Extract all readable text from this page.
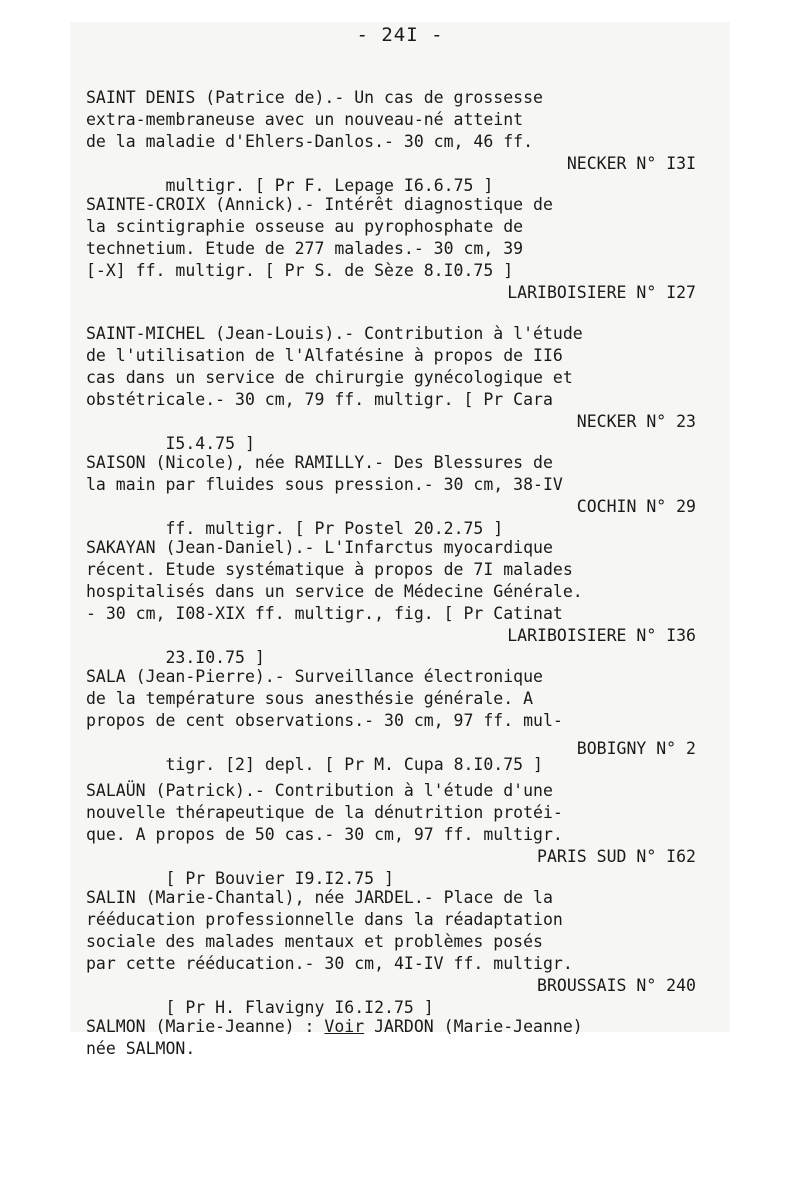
- 24I -
SAINT DENIS (Patrice de).- Un cas de grossesse
extra-membraneuse avec un nouveau-né atteint
de la maladie d'Ehlers-Danlos.- 30 cm, 46 ff.

multigr. [ Pr F. Lepage I6.6.75 ]

NECKER N° I3I

SAINTE-CROIX (Annick).- Intérêt diagnostique de
la scintigraphie osseuse au pyrophosphate de
technetium. Etude de 277 malades.- 30 cm, 39
[-X] ff. multigr. [ Pr S. de Sèze 8.I0.75 ]

LARIBOISIERE N° I27

SAINT-MICHEL (Jean-Louis).- Contribution à l'étude
de l'utilisation de l'Alfatésine à propos de II6
cas dans un service de chirurgie gynécologique et
obstétricale.- 30 cm, 79 ff. multigr. [ Pr Cara

I5.4.75 ]

NECKER N° 23

SAISON (Nicole), née RAMILLY.- Des Blessures de
la main par fluides sous pression.- 30 cm, 38-IV

ff. multigr. [ Pr Postel 20.2.75 ]

COCHIN N° 29

SAKAYAN (Jean-Daniel).- L'Infarctus myocardique
récent. Etude systématique à propos de 7I malades
hospitalisés dans un service de Médecine Générale.
- 30 cm, I08-XIX ff. multigr., fig. [ Pr Catinat

23.I0.75 ]

LARIBOISIERE N° I36

SALA (Jean-Pierre).- Surveillance électronique
de la température sous anesthésie générale. A
propos de cent observations.- 30 cm, 97 ff. mul-

tigr. [2] depl. [ Pr M. Cupa 8.I0.75 ]

BOBIGNY N° 2

SALAÜN (Patrick).- Contribution à l'étude d'une
nouvelle thérapeutique de la dénutrition protéi-
que. A propos de 50 cas.- 30 cm, 97 ff. multigr.

[ Pr Bouvier I9.I2.75 ]

PARIS SUD N° I62

SALIN (Marie-Chantal), née JARDEL.- Place de la
rééducation professionnelle dans la réadaptation
sociale des malades mentaux et problèmes posés
par cette rééducation.- 30 cm, 4I-IV ff. multigr.

[ Pr H. Flavigny I6.I2.75 ]

BROUSSAIS N° 240

SALMON (Marie-Jeanne) : Voir JARDON (Marie-Jeanne)
née SALMON.
